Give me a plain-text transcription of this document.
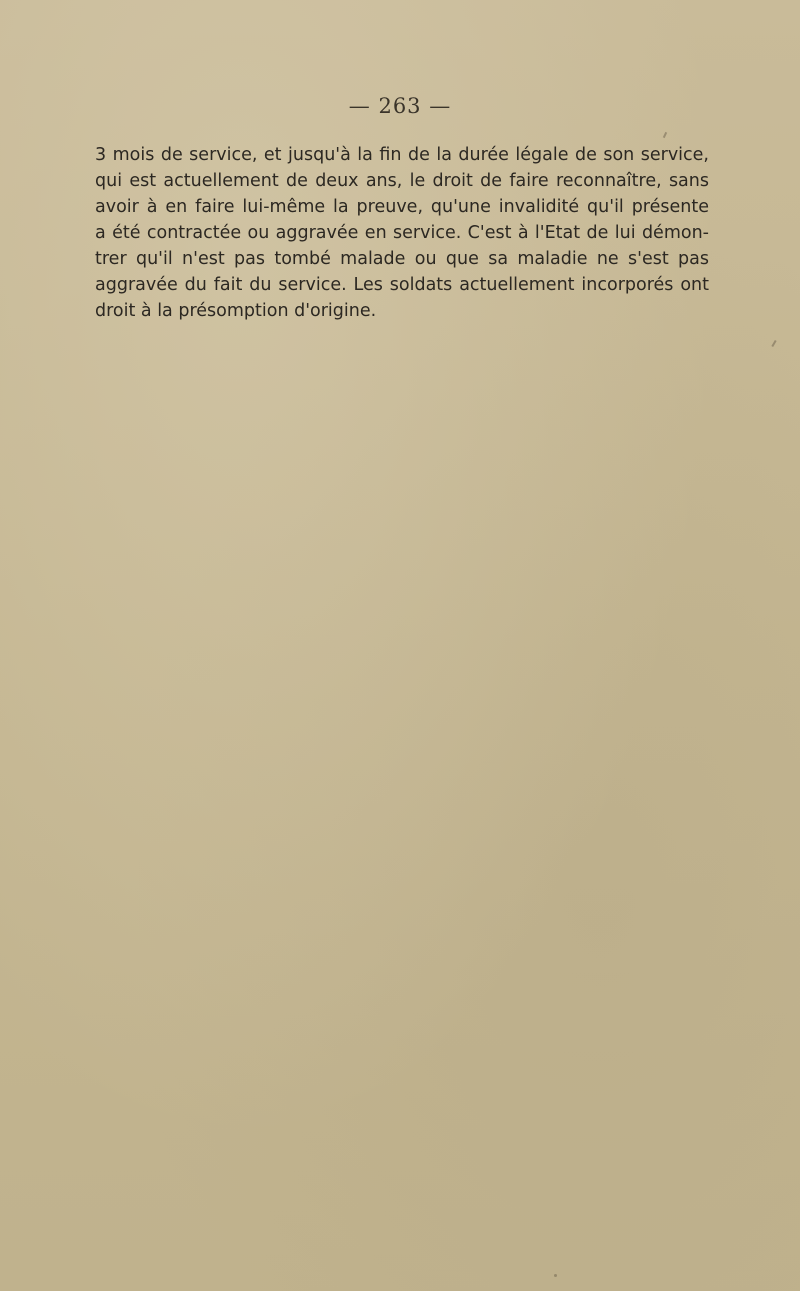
— 263 —
3 mois de service, et jusqu'à la fin de la durée légale de son service,
qui est actuellement de deux ans, le droit de faire reconnaître, sans
avoir à en faire lui-même la preuve, qu'une invalidité qu'il présente
a été contractée ou aggravée en service. C'est à l'Etat de lui démon-
trer qu'il n'est pas tombé malade ou que sa maladie ne s'est pas
aggravée du fait du service. Les soldats actuellement incorporés ont
droit à la présomption d'origine.
